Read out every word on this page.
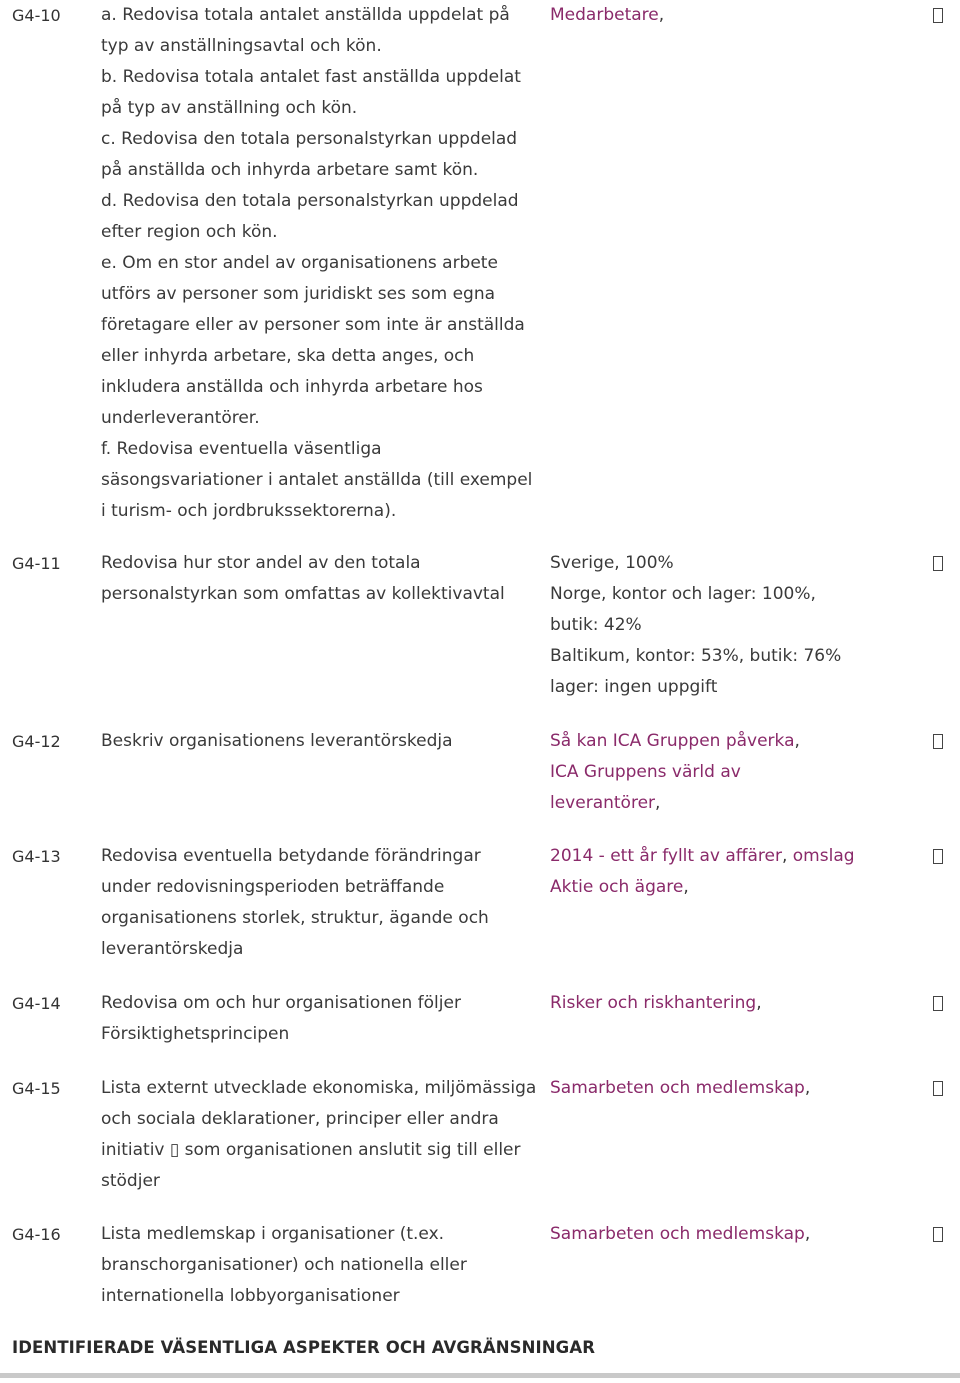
G4-10 a. Redovisa totala antalet anställda uppdelat på
typ av anställningsavtal och kön.
b. Redovisa totala antalet fast anställda uppdelat
på typ av anställning och kön.
c. Redovisa den totala personalstyrkan uppdelad
på anställda och inhyrda arbetare samt kön.
d. Redovisa den totala personalstyrkan uppdelad
efter region och kön.
e. Om en stor andel av organisationens arbete
utförs av personer som juridiskt ses som egna
företagare eller av personer som inte är anställda
eller inhyrda arbetare, ska detta anges, och
inkludera anställda och inhyrda arbetare hos
underleverantörer.
f. Redovisa eventuella väsentliga
säsongsvariationer i antalet anställda (till exempel
i turism- och jordbrukssektorerna).
Medarbetare,
G4-11 Redovisa hur stor andel av den totala
personalstyrkan som omfattas av kollektivavtal
Sverige, 100%
Norge, kontor och lager: 100%,
butik: 42%
Baltikum, kontor: 53%, butik: 76%
lager: ingen uppgift
G4-12 Beskriv organisationens leverantörskedja	Så kan ICA Gruppen påverka,
ICA Gruppens värld av
leverantörer,
G4-13 Redovisa eventuella betydande förändringar
under redovisningsperioden beträffande
organisationens storlek, struktur, ägande och
leverantörskedja
2014 - ett år fyllt av affärer, omslag
Aktie och ägare,
G4-14 Redovisa om och hur organisationen följer
Försiktighetsprincipen
Risker och riskhantering,
G4-15 Lista externt utvecklade ekonomiska, miljömässiga
och sociala deklarationer, principer eller andra
initiativ ▯ som organisationen anslutit sig till eller
stödjer
Samarbeten och medlemskap,
G4-16 Lista medlemskap i organisationer (t.ex.
branschorganisationer) och nationella eller
internationella lobbyorganisationer
Samarbeten och medlemskap,
IDENTIFIERADE VÄSENTLIGA ASPEKTER OCH AVGRÄNSNINGAR
